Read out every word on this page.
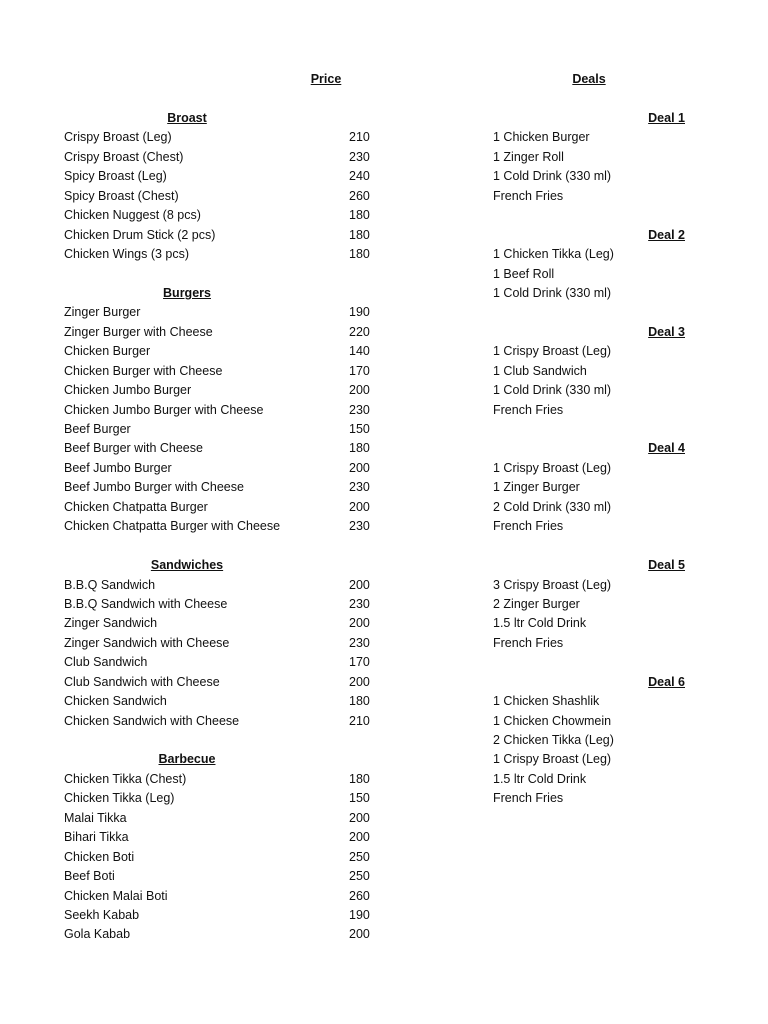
Price	Deals
Broast
Crispy Broast (Leg)	210
Crispy Broast (Chest)	230
Spicy Broast (Leg)	240
Spicy Broast (Chest)	260
Chicken Nuggest (8 pcs)	180
Chicken Drum Stick (2 pcs)	180
Chicken Wings (3 pcs)	180
Burgers
Zinger Burger	190
Zinger Burger with Cheese	220
Chicken Burger	140
Chicken Burger with Cheese	170
Chicken Jumbo Burger	200
Chicken Jumbo Burger with Cheese	230
Beef Burger	150
Beef Burger with Cheese	180
Beef Jumbo Burger	200
Beef Jumbo Burger with Cheese	230
Chicken Chatpatta Burger	200
Chicken Chatpatta Burger with Cheese	230
Sandwiches
B.B.Q Sandwich	200
B.B.Q Sandwich with Cheese	230
Zinger Sandwich	200
Zinger Sandwich with Cheese	230
Club Sandwich	170
Club Sandwich with Cheese	200
Chicken Sandwich	180
Chicken Sandwich with Cheese	210
Barbecue
Chicken Tikka (Chest)	180
Chicken Tikka (Leg)	150
Malai Tikka	200
Bihari Tikka	200
Chicken Boti	250
Beef Boti	250
Chicken Malai Boti	260
Seekh Kabab	190
Gola Kabab	200
Deal 1
1 Chicken Burger
1 Zinger Roll
1 Cold Drink (330 ml)
French Fries
Deal 2
1 Chicken Tikka (Leg)
1 Beef Roll
1 Cold Drink (330 ml)
Deal 3
1 Crispy Broast (Leg)
1 Club Sandwich
1 Cold Drink (330 ml)
French Fries
Deal 4
1 Crispy Broast (Leg)
1 Zinger Burger
2 Cold Drink (330 ml)
French Fries
Deal 5
3 Crispy Broast (Leg)
2 Zinger Burger
1.5 ltr Cold Drink
French Fries
Deal 6
1 Chicken Shashlik
1 Chicken Chowmein
2 Chicken Tikka (Leg)
1 Crispy Broast (Leg)
1.5 ltr Cold Drink
French Fries
